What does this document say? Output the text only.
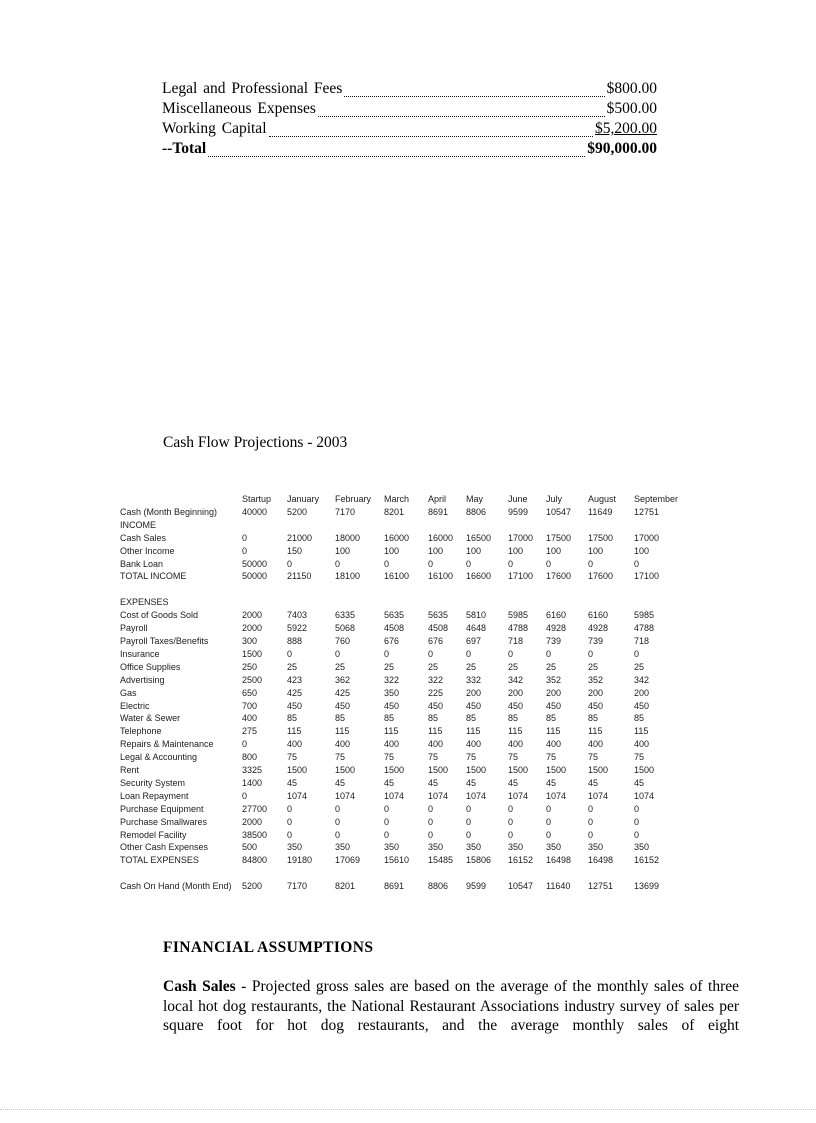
Legal and Professional Fees	$800.00
Miscellaneous Expenses	$500.00
Working Capital	$5,200.00
--Total	$90,000.00
Cash Flow Projections - 2003
	Startup	January	February	March	April	May	June	July	August	September
Cash (Month Beginning)	40000	5200	7170	8201	8691	8806	9599	10547	11649	12751
INCOME										
Cash Sales	0	21000	18000	16000	16000	16500	17000	17500	17500	17000
Other Income	0	150	100	100	100	100	100	100	100	100
Bank Loan	50000	0	0	0	0	0	0	0	0	0
TOTAL INCOME	50000	21150	18100	16100	16100	16600	17100	17600	17600	17100

EXPENSES										
Cost of Goods Sold	2000	7403	6335	5635	5635	5810	5985	6160	6160	5985
Payroll	2000	5922	5068	4508	4508	4648	4788	4928	4928	4788
Payroll Taxes/Benefits	300	888	760	676	676	697	718	739	739	718
Insurance	1500	0	0	0	0	0	0	0	0	0
Office Supplies	250	25	25	25	25	25	25	25	25	25
Advertising	2500	423	362	322	322	332	342	352	352	342
Gas	650	425	425	350	225	200	200	200	200	200
Electric	700	450	450	450	450	450	450	450	450	450
Water & Sewer	400	85	85	85	85	85	85	85	85	85
Telephone	275	115	115	115	115	115	115	115	115	115
Repairs & Maintenance	0	400	400	400	400	400	400	400	400	400
Legal & Accounting	800	75	75	75	75	75	75	75	75	75
Rent	3325	1500	1500	1500	1500	1500	1500	1500	1500	1500
Security System	1400	45	45	45	45	45	45	45	45	45
Loan Repayment	0	1074	1074	1074	1074	1074	1074	1074	1074	1074
Purchase Equipment	27700	0	0	0	0	0	0	0	0	0
Purchase Smallwares	2000	0	0	0	0	0	0	0	0	0
Remodel Facility	38500	0	0	0	0	0	0	0	0	0
Other Cash Expenses	500	350	350	350	350	350	350	350	350	350
TOTAL EXPENSES	84800	19180	17069	15610	15485	15806	16152	16498	16498	16152

Cash On Hand (Month End)	5200	7170	8201	8691	8806	9599	10547	11640	12751	13699
FINANCIAL ASSUMPTIONS

Cash Sales - Projected gross sales are based on the average of the monthly sales of three local hot dog restaurants, the National Restaurant Associations industry survey of sales per square foot for hot dog restaurants, and the average monthly sales of eight
